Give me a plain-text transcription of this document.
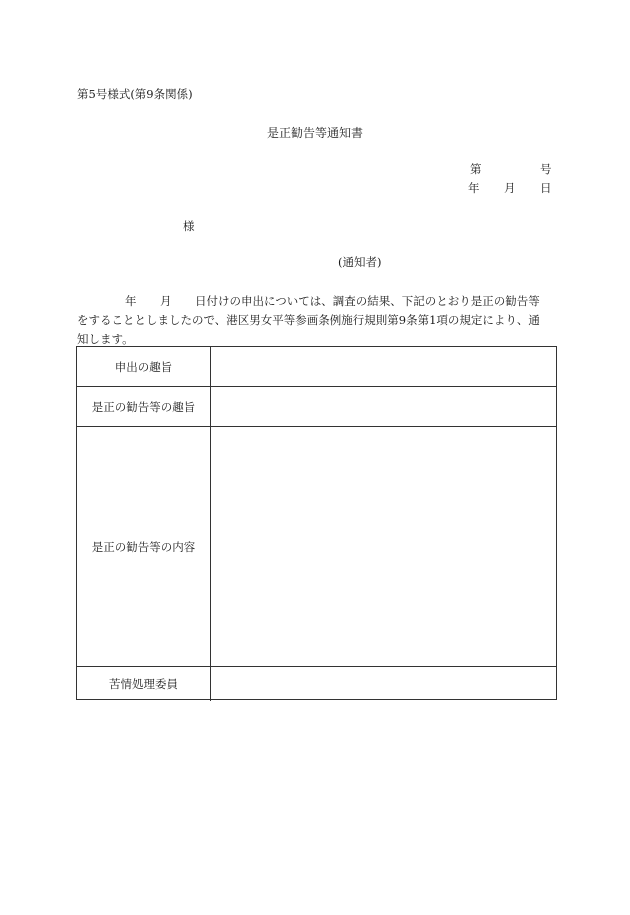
第5号様式(第9条関係)
是正勧告等通知書
第	号
年 月 日
様
(通知者)
年 月 日付けの申出については、調査の結果、下記のとおり是正の勧告等
をすることとしましたので、港区男女平等参画条例施行規則第9条第1項の規定により、通
知します。
申出の趣旨
是正の勧告等の趣旨
是正の勧告等の内容
苦情処理委員
